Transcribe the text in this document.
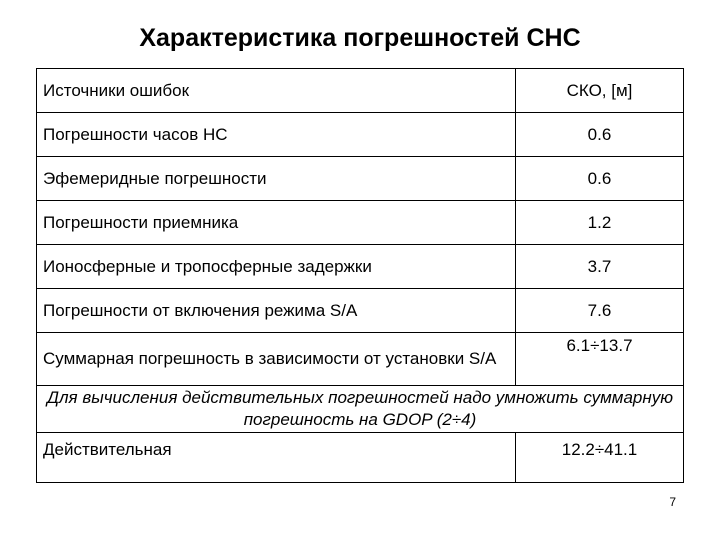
Характеристика погрешностей СНС
Источники ошибок	СКО, [м]
Погрешности часов НС	0.6
Эфемеридные погрешности	0.6
Погрешности приемника	1.2
Ионосферные и тропосферные задержки	3.7
Погрешности от включения режима S/A	7.6
Суммарная погрешность в зависимости от установки S/A	6.1÷13.7
Для вычисления действительных погрешностей надо умножить суммарную погрешность на GDOP (2÷4)	
Действительная	12.2÷41.1
7
